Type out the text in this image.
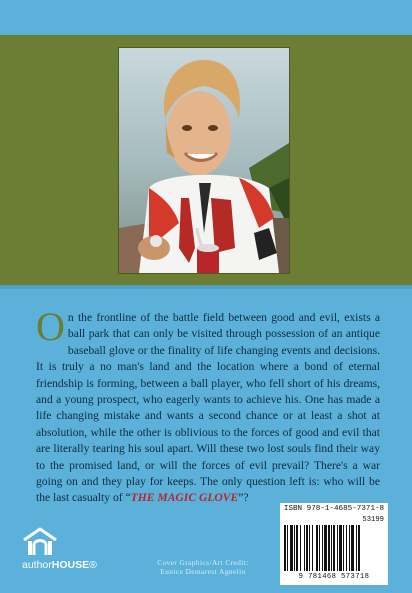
On the frontline of the battle field between good and evil, exists a ball park that can only be visited through possession of an antique baseball glove or the finality of life changing events and decisions. It is truly a no man's land and the location where a bond of eternal friendship is forming, between a ball player, who fell short of his dreams, and a young prospect, who eagerly wants to achieve his. One has made a life changing mistake and wants a second chance or at least a shot at absolution, while the other is oblivious to the forces of good and evil that are literally tearing his soul apart. Will these two lost souls find their way to the promised land, or will the forces of evil prevail? There's a war going on and they play for keeps. The only question left is: who will be the last casualty of “THE MAGIC GLOVE”?

authorHOUSE®	Cover Graphics/Art Credit:
Eunice Demarest Agnello
ISBN 978-1-4685-7371-8
53199
9 781468 573718
